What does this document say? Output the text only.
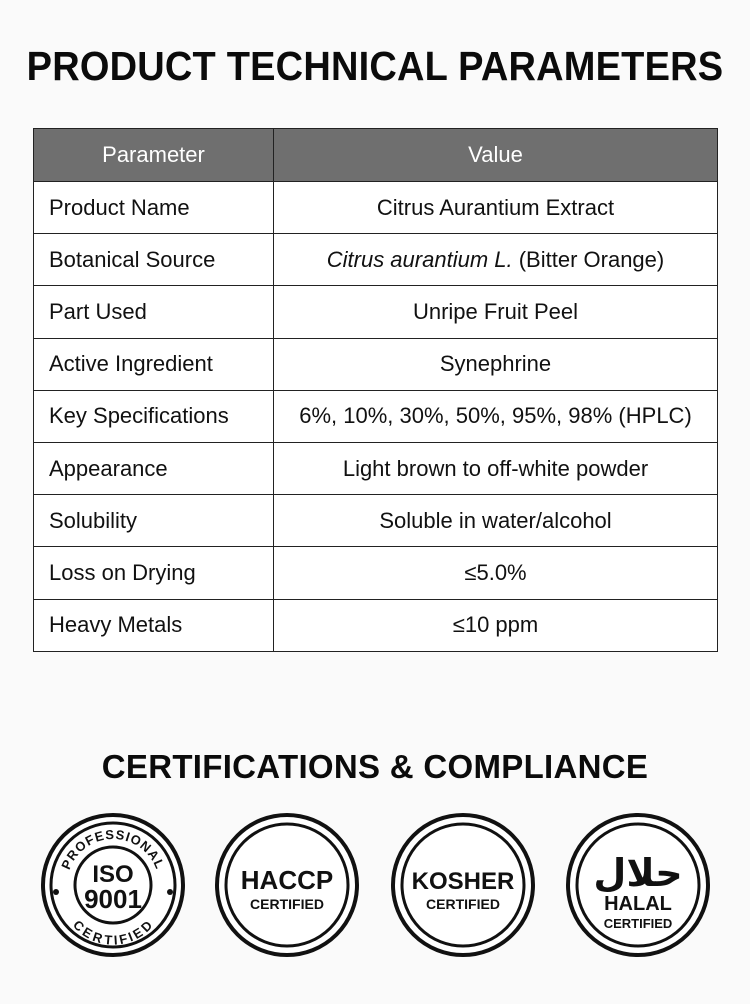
PRODUCT TECHNICAL PARAMETERS
Parameter	Value
Product Name	Citrus Aurantium Extract
Botanical Source	Citrus aurantium L. (Bitter Orange)
Part Used	Unripe Fruit Peel
Active Ingredient	Synephrine
Key Specifications	6%, 10%, 30%, 50%, 95%, 98% (HPLC)
Appearance	Light brown to off-white powder
Solubility	Soluble in water/alcohol
Loss on Drying	≤5.0%
Heavy Metals	≤10 ppm
CERTIFICATIONS & COMPLIANCE
PROFESSIONAL
CERTIFIED
ISO
9001
HACCP
CERTIFIED
KOSHER
CERTIFIED
حلال
HALAL
CERTIFIED
